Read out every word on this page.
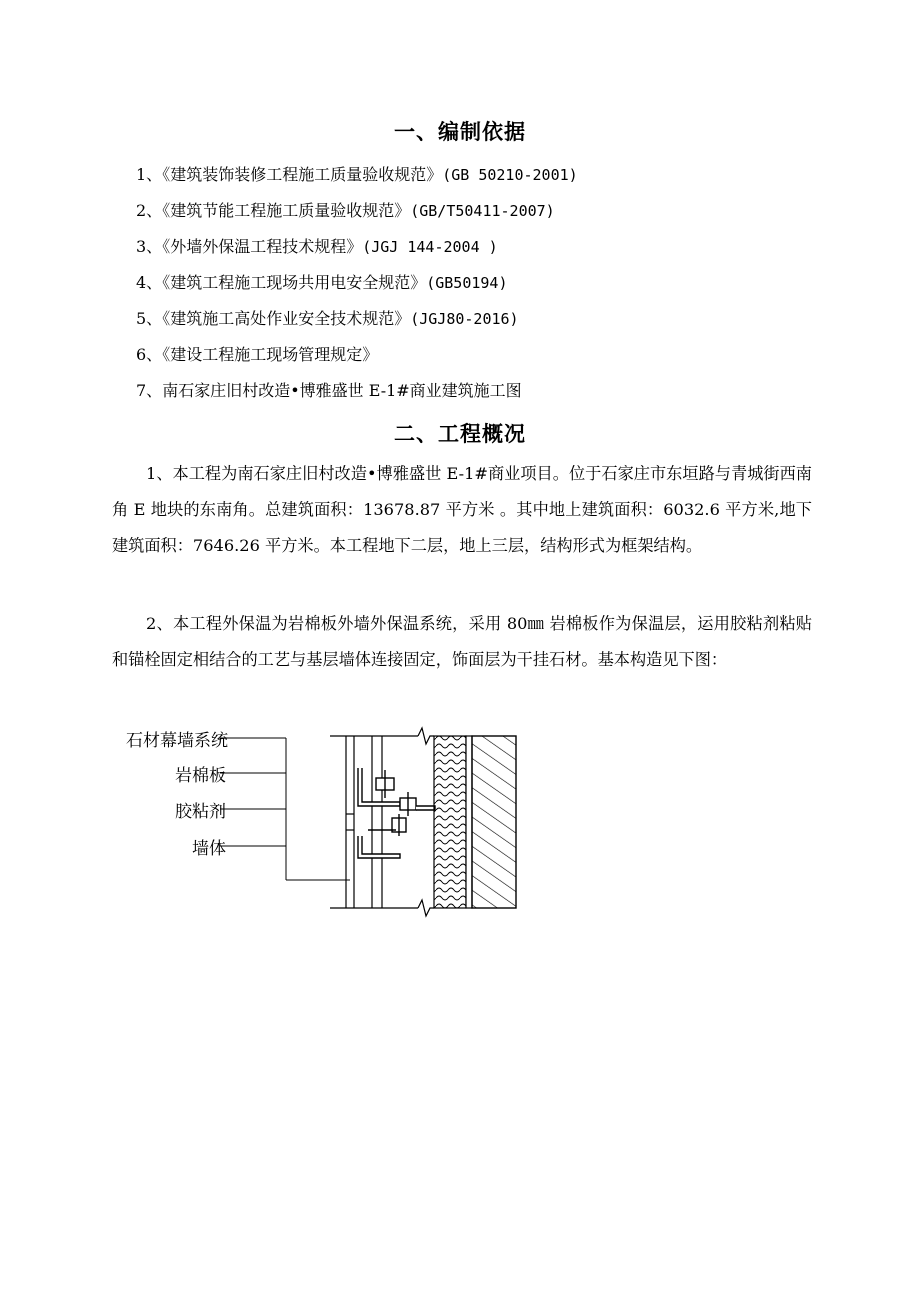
一、编制依据
1、《建筑装饰装修工程施工质量验收规范》(GB 50210-2001)
2、《建筑节能工程施工质量验收规范》(GB/T50411-2007)
3、《外墙外保温工程技术规程》(JGJ 144-2004 )
4、《建筑工程施工现场共用电安全规范》(GB50194)
5、《建筑施工高处作业安全技术规范》(JGJ80-2016)
6、《建设工程施工现场管理规定》
7、南石家庄旧村改造•博雅盛世 E-1#商业建筑施工图
二、工程概况

1、本工程为南石家庄旧村改造•博雅盛世 E-1#商业项目。位于石家庄市东垣路与青城街西南角 E 地块的东南角。总建筑面积：13678.87 平方米 。其中地上建筑面积：6032.6 平方米,地下建筑面积：7646.26 平方米。本工程地下二层，地上三层，结构形式为框架结构。

2、本工程外保温为岩棉板外墙外保温系统，采用 80㎜ 岩棉板作为保温层，运用胶粘剂粘贴和锚栓固定相结合的工艺与基层墙体连接固定，饰面层为干挂石材。基本构造见下图：

石材幕墙系统
岩棉板
胶粘剂
墙体
